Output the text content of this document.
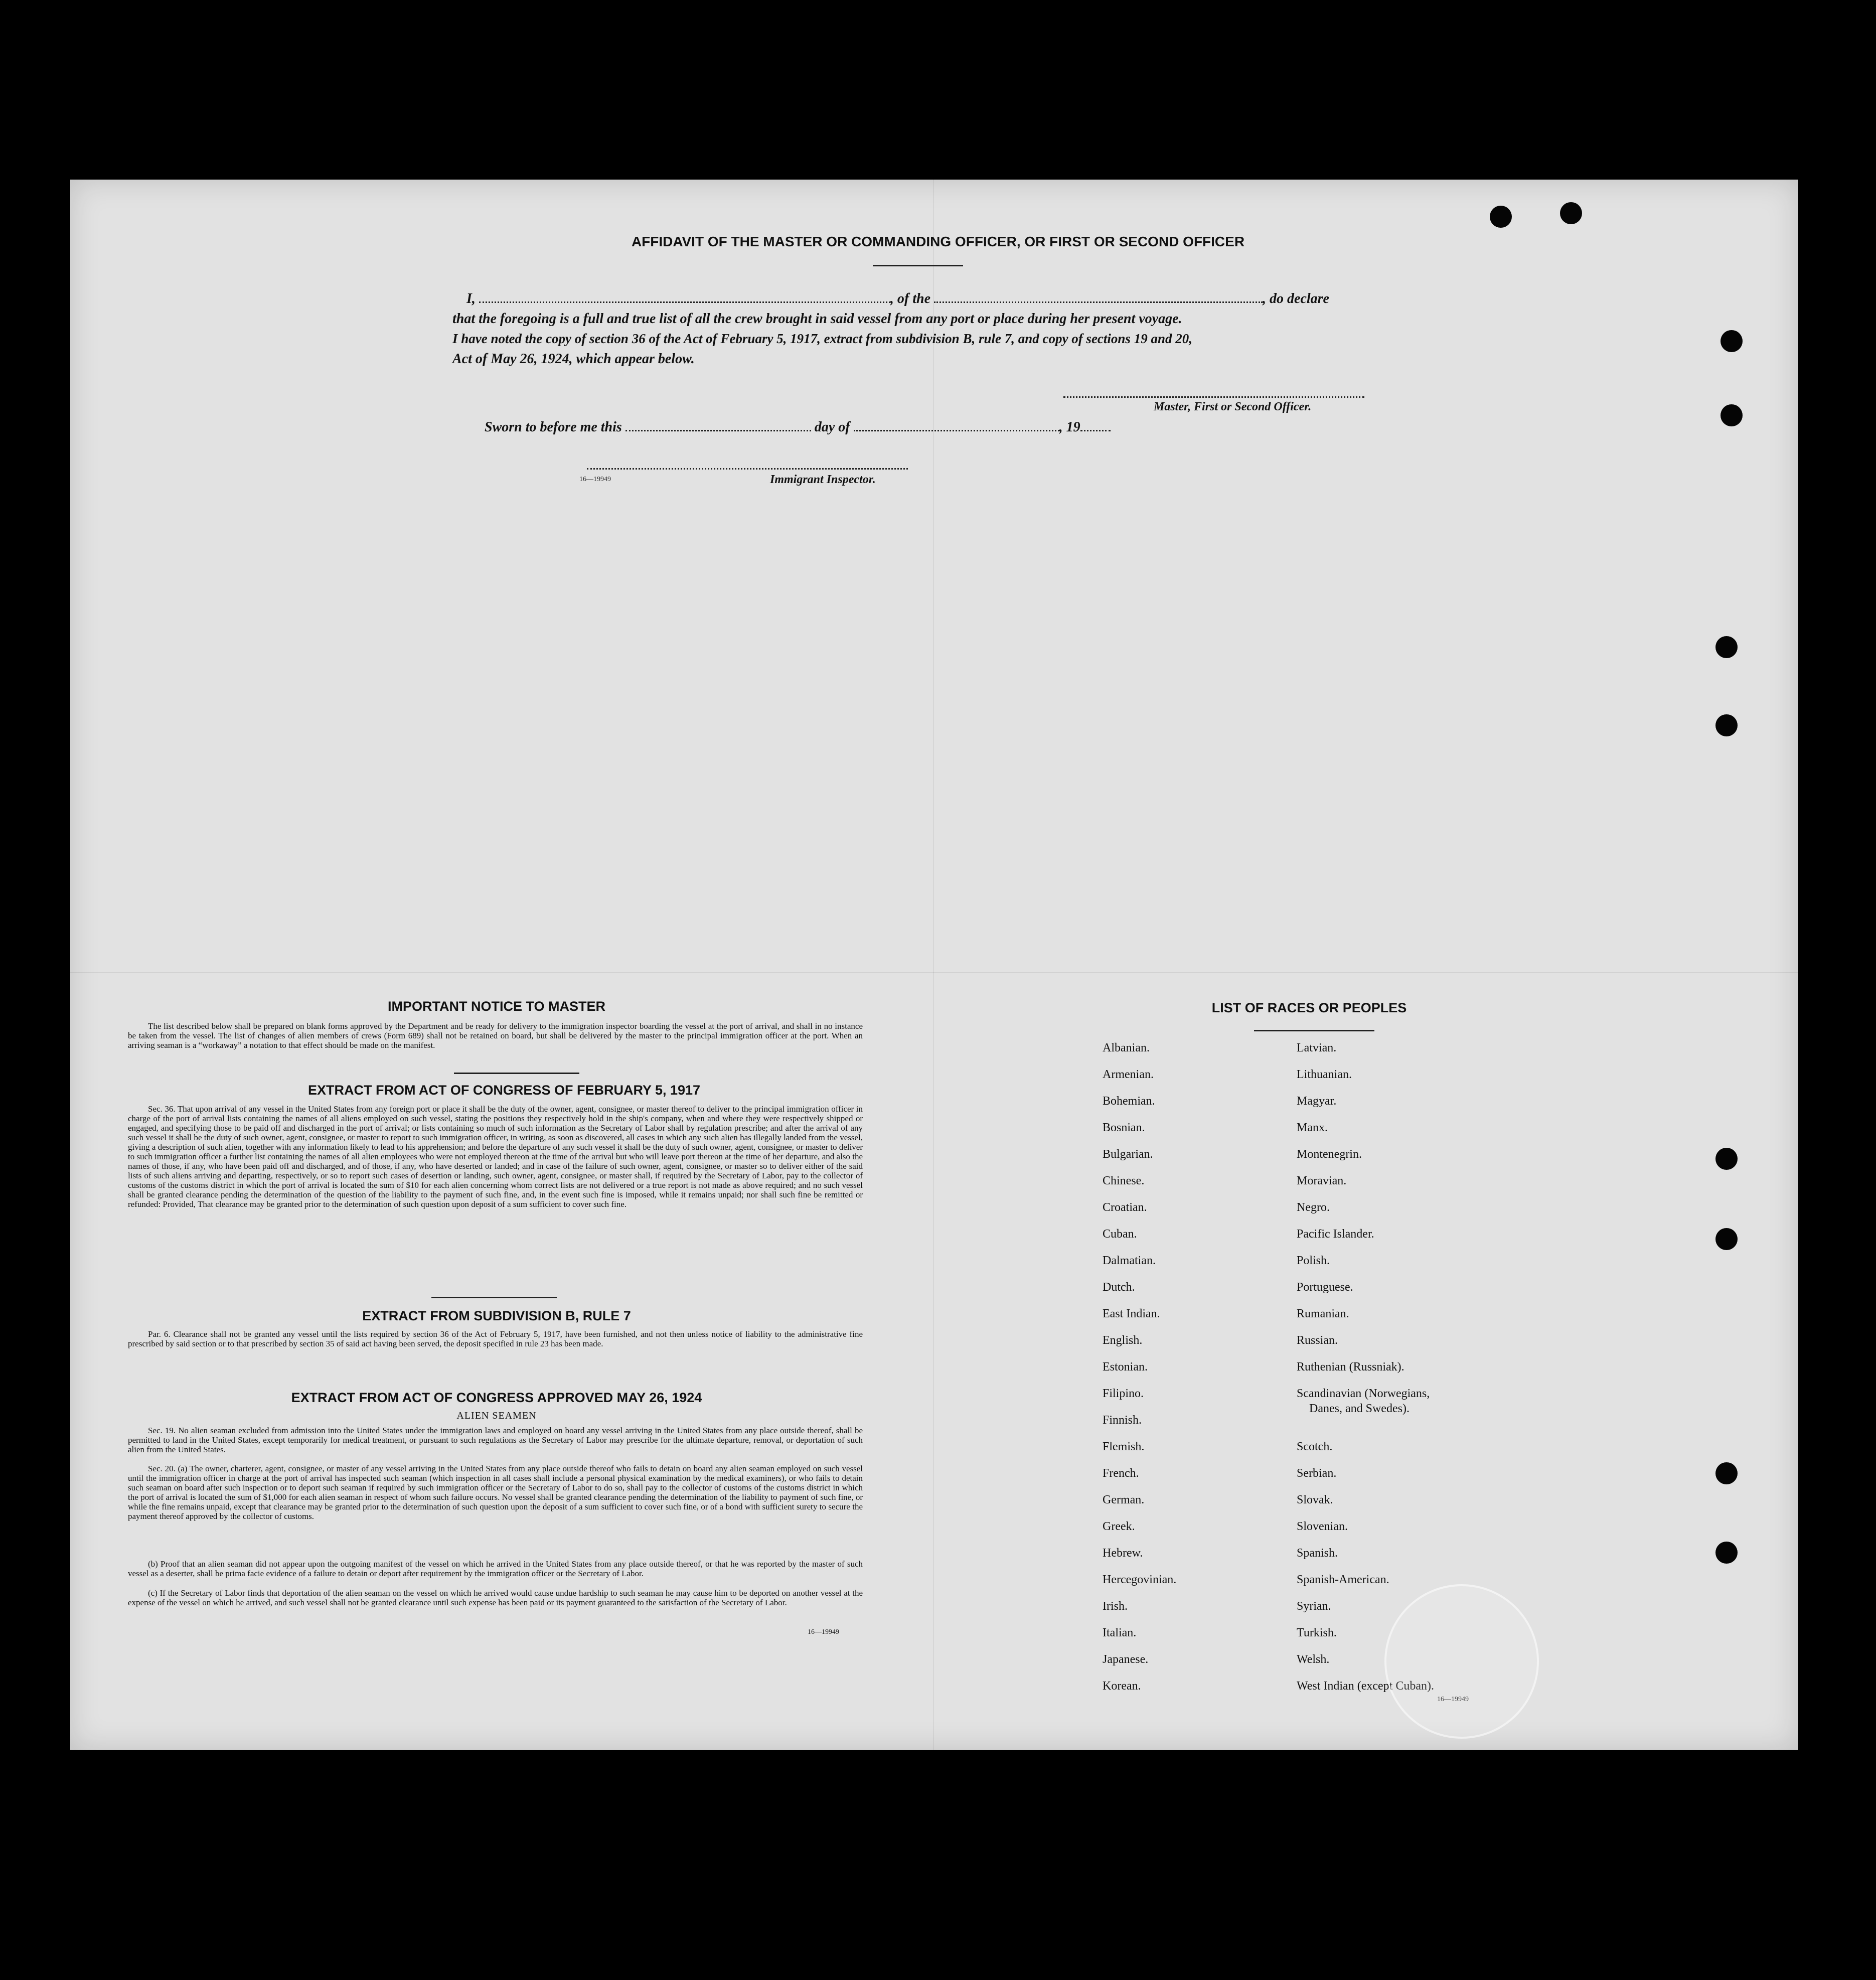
AFFIDAVIT OF THE MASTER OR COMMANDING OFFICER, OR FIRST OR SECOND OFFICER
I,	, of the	, do declare
that the foregoing is a full and true list of all the crew brought in said vessel from any port or place during her present voyage.
I have noted the copy of section 36 of the Act of February 5, 1917, extract from subdivision B, rule 7, and copy of sections 19 and 20,
Act of May 26, 1924, which appear below.
Master, First or Second Officer.
Sworn to before me this	day of	, 19
16—19949	Immigrant Inspector.
IMPORTANT NOTICE TO MASTER
The list described below shall be prepared on blank forms approved by the Department and be ready for delivery to the immigration inspector boarding the vessel at the port of arrival, and shall in no instance be taken from the vessel. The list of changes of alien members of crews (Form 689) shall not be retained on board, but shall be delivered by the master to the principal immigration officer at the port. When an arriving seaman is a “workaway” a notation to that effect should be made on the manifest.
EXTRACT FROM ACT OF CONGRESS OF FEBRUARY 5, 1917
Sec. 36. That upon arrival of any vessel in the United States from any foreign port or place it shall be the duty of the owner, agent, consignee, or master thereof to deliver to the principal immigration officer in charge of the port of arrival lists containing the names of all aliens employed on such vessel, stating the positions they respectively hold in the ship's company, when and where they were respectively shipped or engaged, and specifying those to be paid off and discharged in the port of arrival; or lists containing so much of such information as the Secretary of Labor shall by regulation prescribe; and after the arrival of any such vessel it shall be the duty of such owner, agent, consignee, or master to report to such immigration officer, in writing, as soon as discovered, all cases in which any such alien has illegally landed from the vessel, giving a description of such alien, together with any information likely to lead to his apprehension; and before the departure of any such vessel it shall be the duty of such owner, agent, consignee, or master to deliver to such immigration officer a further list containing the names of all alien employees who were not employed thereon at the time of the arrival but who will leave port thereon at the time of her departure, and also the names of those, if any, who have been paid off and discharged, and of those, if any, who have deserted or landed; and in case of the failure of such owner, agent, consignee, or master so to deliver either of the said lists of such aliens arriving and departing, respectively, or so to report such cases of desertion or landing, such owner, agent, consignee, or master shall, if required by the Secretary of Labor, pay to the collector of customs of the customs district in which the port of arrival is located the sum of $10 for each alien concerning whom correct lists are not delivered or a true report is not made as above required; and no such vessel shall be granted clearance pending the determination of the question of the liability to the payment of such fine, and, in the event such fine is imposed, while it remains unpaid; nor shall such fine be remitted or refunded: Provided, That clearance may be granted prior to the determination of such question upon deposit of a sum sufficient to cover such fine.
EXTRACT FROM SUBDIVISION B, RULE 7
Par. 6. Clearance shall not be granted any vessel until the lists required by section 36 of the Act of February 5, 1917, have been furnished, and not then unless notice of liability to the administrative fine prescribed by said section or to that prescribed by section 35 of said act having been served, the deposit specified in rule 23 has been made.
EXTRACT FROM ACT OF CONGRESS APPROVED MAY 26, 1924
ALIEN SEAMEN
Sec. 19. No alien seaman excluded from admission into the United States under the immigration laws and employed on board any vessel arriving in the United States from any place outside thereof, shall be permitted to land in the United States, except temporarily for medical treatment, or pursuant to such regulations as the Secretary of Labor may prescribe for the ultimate departure, removal, or deportation of such alien from the United States.
Sec. 20. (a) The owner, charterer, agent, consignee, or master of any vessel arriving in the United States from any place outside thereof who fails to detain on board any alien seaman employed on such vessel until the immigration officer in charge at the port of arrival has inspected such seaman (which inspection in all cases shall include a personal physical examination by the medical examiners), or who fails to detain such seaman on board after such inspection or to deport such seaman if required by such immigration officer or the Secretary of Labor to do so, shall pay to the collector of customs of the customs district in which the port of arrival is located the sum of $1,000 for each alien seaman in respect of whom such failure occurs. No vessel shall be granted clearance pending the determination of the liability to payment of such fine, or while the fine remains unpaid, except that clearance may be granted prior to the determination of such question upon the deposit of a sum sufficient to cover such fine, or of a bond with sufficient surety to secure the payment thereof approved by the collector of customs.
(b) Proof that an alien seaman did not appear upon the outgoing manifest of the vessel on which he arrived in the United States from any place outside thereof, or that he was reported by the master of such vessel as a deserter, shall be prima facie evidence of a failure to detain or deport after requirement by the immigration officer or the Secretary of Labor.
(c) If the Secretary of Labor finds that deportation of the alien seaman on the vessel on which he arrived would cause undue hardship to such seaman he may cause him to be deported on another vessel at the expense of the vessel on which he arrived, and such vessel shall not be granted clearance until such expense has been paid or its payment guaranteed to the satisfaction of the Secretary of Labor.
16—19949
LIST OF RACES OR PEOPLES
Albanian.
Armenian.
Bohemian.
Bosnian.
Bulgarian.
Chinese.
Croatian.
Cuban.
Dalmatian.
Dutch.
East Indian.
English.
Estonian.
Filipino.
Finnish.
Flemish.
French.
German.
Greek.
Hebrew.
Hercegovinian.
Irish.
Italian.
Japanese.
Korean.
Latvian.
Lithuanian.
Magyar.
Manx.
Montenegrin.
Moravian.
Negro.
Pacific Islander.
Polish.
Portuguese.
Rumanian.
Russian.
Ruthenian (Russniak).
Scandinavian (Norwegians,
Danes, and Swedes).
Scotch.
Serbian.
Slovak.
Slovenian.
Spanish.
Spanish-American.
Syrian.
Turkish.
Welsh.
West Indian (except Cuban).
16—19949
